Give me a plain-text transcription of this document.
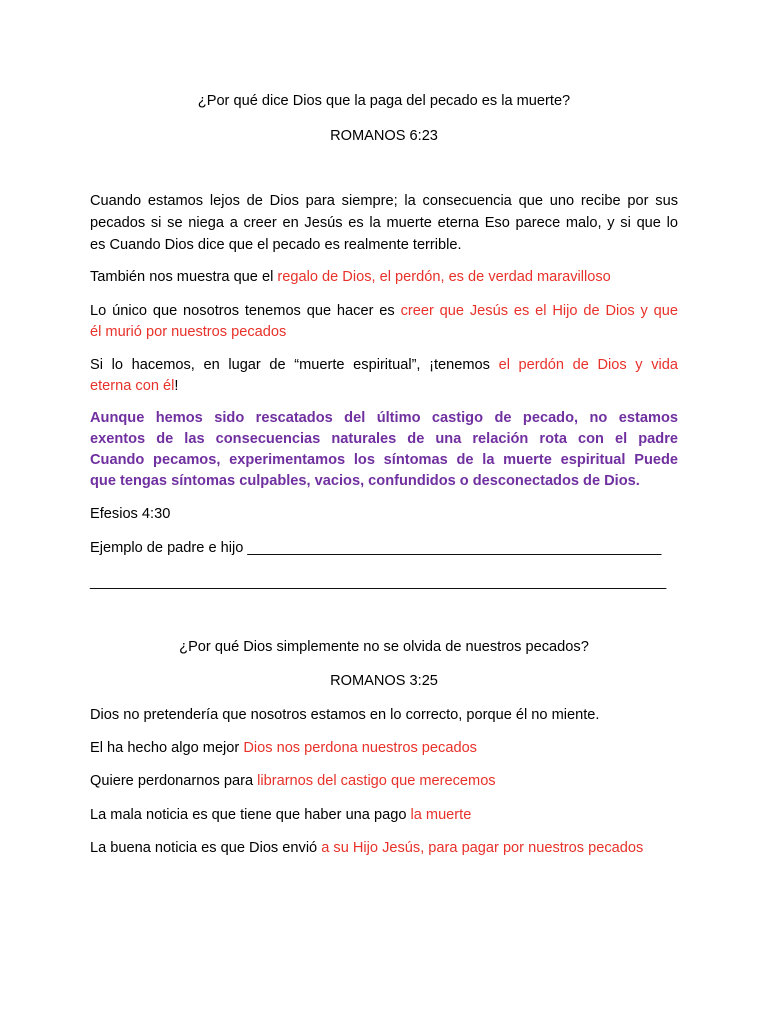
¿Por qué dice Dios que la paga del pecado es la muerte?

ROMANOS 6:23

Cuando estamos lejos de Dios para siempre; la consecuencia que uno recibe por sus

pecados si se niega a creer en Jesús es la muerte eterna Eso parece malo, y si que lo

es Cuando Dios dice que el pecado es realmente terrible.

También nos muestra que el regalo de Dios, el perdón, es de verdad maravilloso

Lo único que nosotros tenemos que hacer es creer que Jesús es el Hijo de Dios y que

él murió por nuestros pecados

Si lo hacemos, en lugar de “muerte espiritual”, ¡tenemos el perdón de Dios y vida

eterna con él!

Aunque hemos sido rescatados del último castigo de pecado, no estamos

exentos de las consecuencias naturales de una relación rota con el padre

Cuando pecamos, experimentamos los síntomas de la muerte espiritual Puede

que tengas síntomas culpables, vacios, confundidos o desconectados de Dios.

Efesios 4:30

Ejemplo de padre e hijo ___________________________________________________

_______________________________________________________________________

¿Por qué Dios simplemente no se olvida de nuestros pecados?

ROMANOS 3:25

Dios no pretendería que nosotros estamos en lo correcto, porque él no miente.

El ha hecho algo mejor Dios nos perdona nuestros pecados

Quiere perdonarnos para librarnos del castigo que merecemos

La mala noticia es que tiene que haber una pago la muerte

La buena noticia es que Dios envió a su Hijo Jesús, para pagar por nuestros pecados
